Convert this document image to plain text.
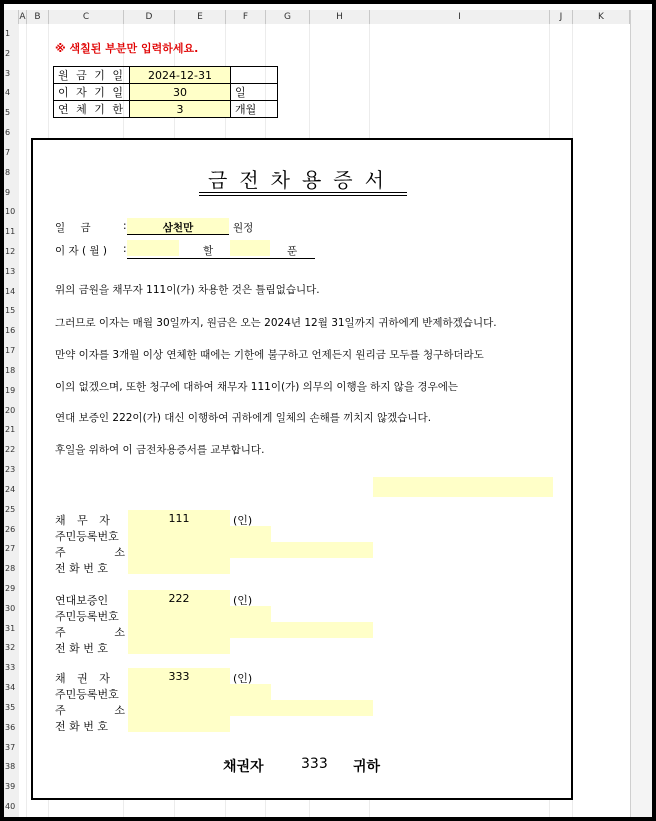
A B	C	D	E	F	G	H	I	J	K
1
2
3
4
5
6
7
8
9
10
11
12
13
14
15
16
17
18
19
20
21
22
23
24
25
26
27
28
29
30
31
32
33
34
35
36
37
38
39
40
※ 색칠된 부분만 입력하세요.
원 금 기 일	2024-12-31	
이 자 기 일	30	일
연 체 기 한	3	개월
금전차용증서
일 금	:	삼천만	원정
이 자 ( 월 ) :	할	푼
위의 금원을 채무자 111이(가) 차용한 것은 틀림없습니다.
그러므로 이자는 매월 30일까지, 원금은 오는 2024년 12월 31일까지 귀하에게 반제하겠습니다.
만약 이자를 3개월 이상 연체한 때에는 기한에 불구하고 언제든지 원리금 모두를 청구하더라도
이의 없겠으며, 또한 청구에 대하여 채무자 111이(가) 의무의 이행을 하지 않을 경우에는
연대 보증인 222이(가) 대신 이행하여 귀하에게 일체의 손해를 끼치지 않겠습니다.
후일을 위하여 이 금전차용증서를 교부합니다.
채 무 자	111	(인)
주민등록번호
주	소
전 화 번 호
연대보증인	222	(인)
주민등록번호
주	소
전 화 번 호
채 권 자	333	(인)
주민등록번호
주	소
전 화 번 호
채권자	333 귀하
